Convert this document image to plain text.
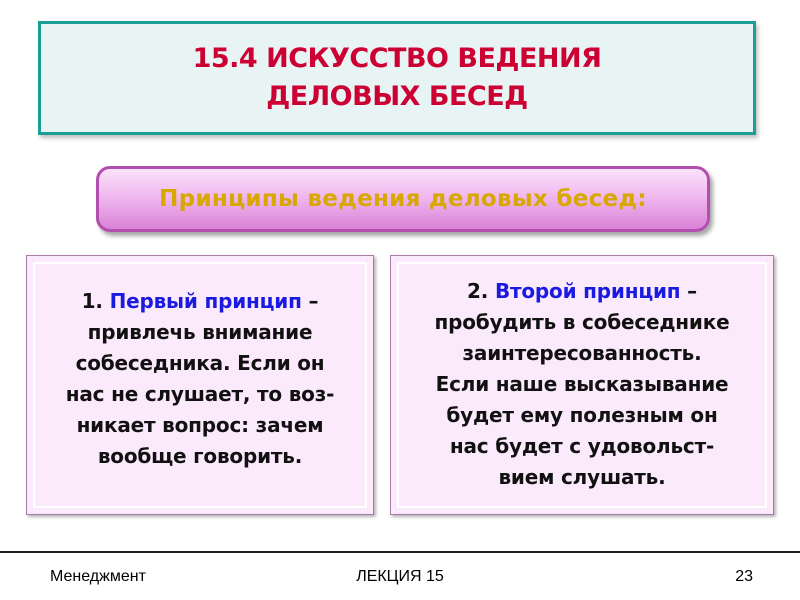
15.4 ИСКУССТВО ВЕДЕНИЯ
ДЕЛОВЫХ БЕСЕД
Принципы ведения деловых бесед:
1. Первый принцип –
привлечь внимание
собеседника. Если он
нас не слушает, то воз-
никает вопрос: зачем
вообще говорить.
2. Второй принцип –
пробудить в собеседнике
заинтересованность.
Если наше высказывание
будет ему полезным он
нас будет с удовольст-
вием слушать.
Менеджмент	ЛЕКЦИЯ 15	23
